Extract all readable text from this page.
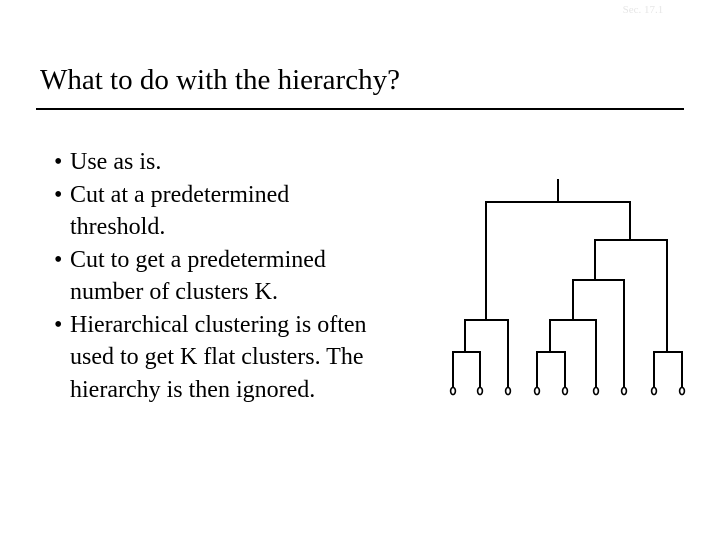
Sec. 17.1
What to do with the hierarchy?
• Use as is.
• Cut at a predetermined
threshold.
• Cut to get a predetermined
number of clusters K.
• Hierarchical clustering is often
used to get K flat clusters. The
hierarchy is then ignored.
